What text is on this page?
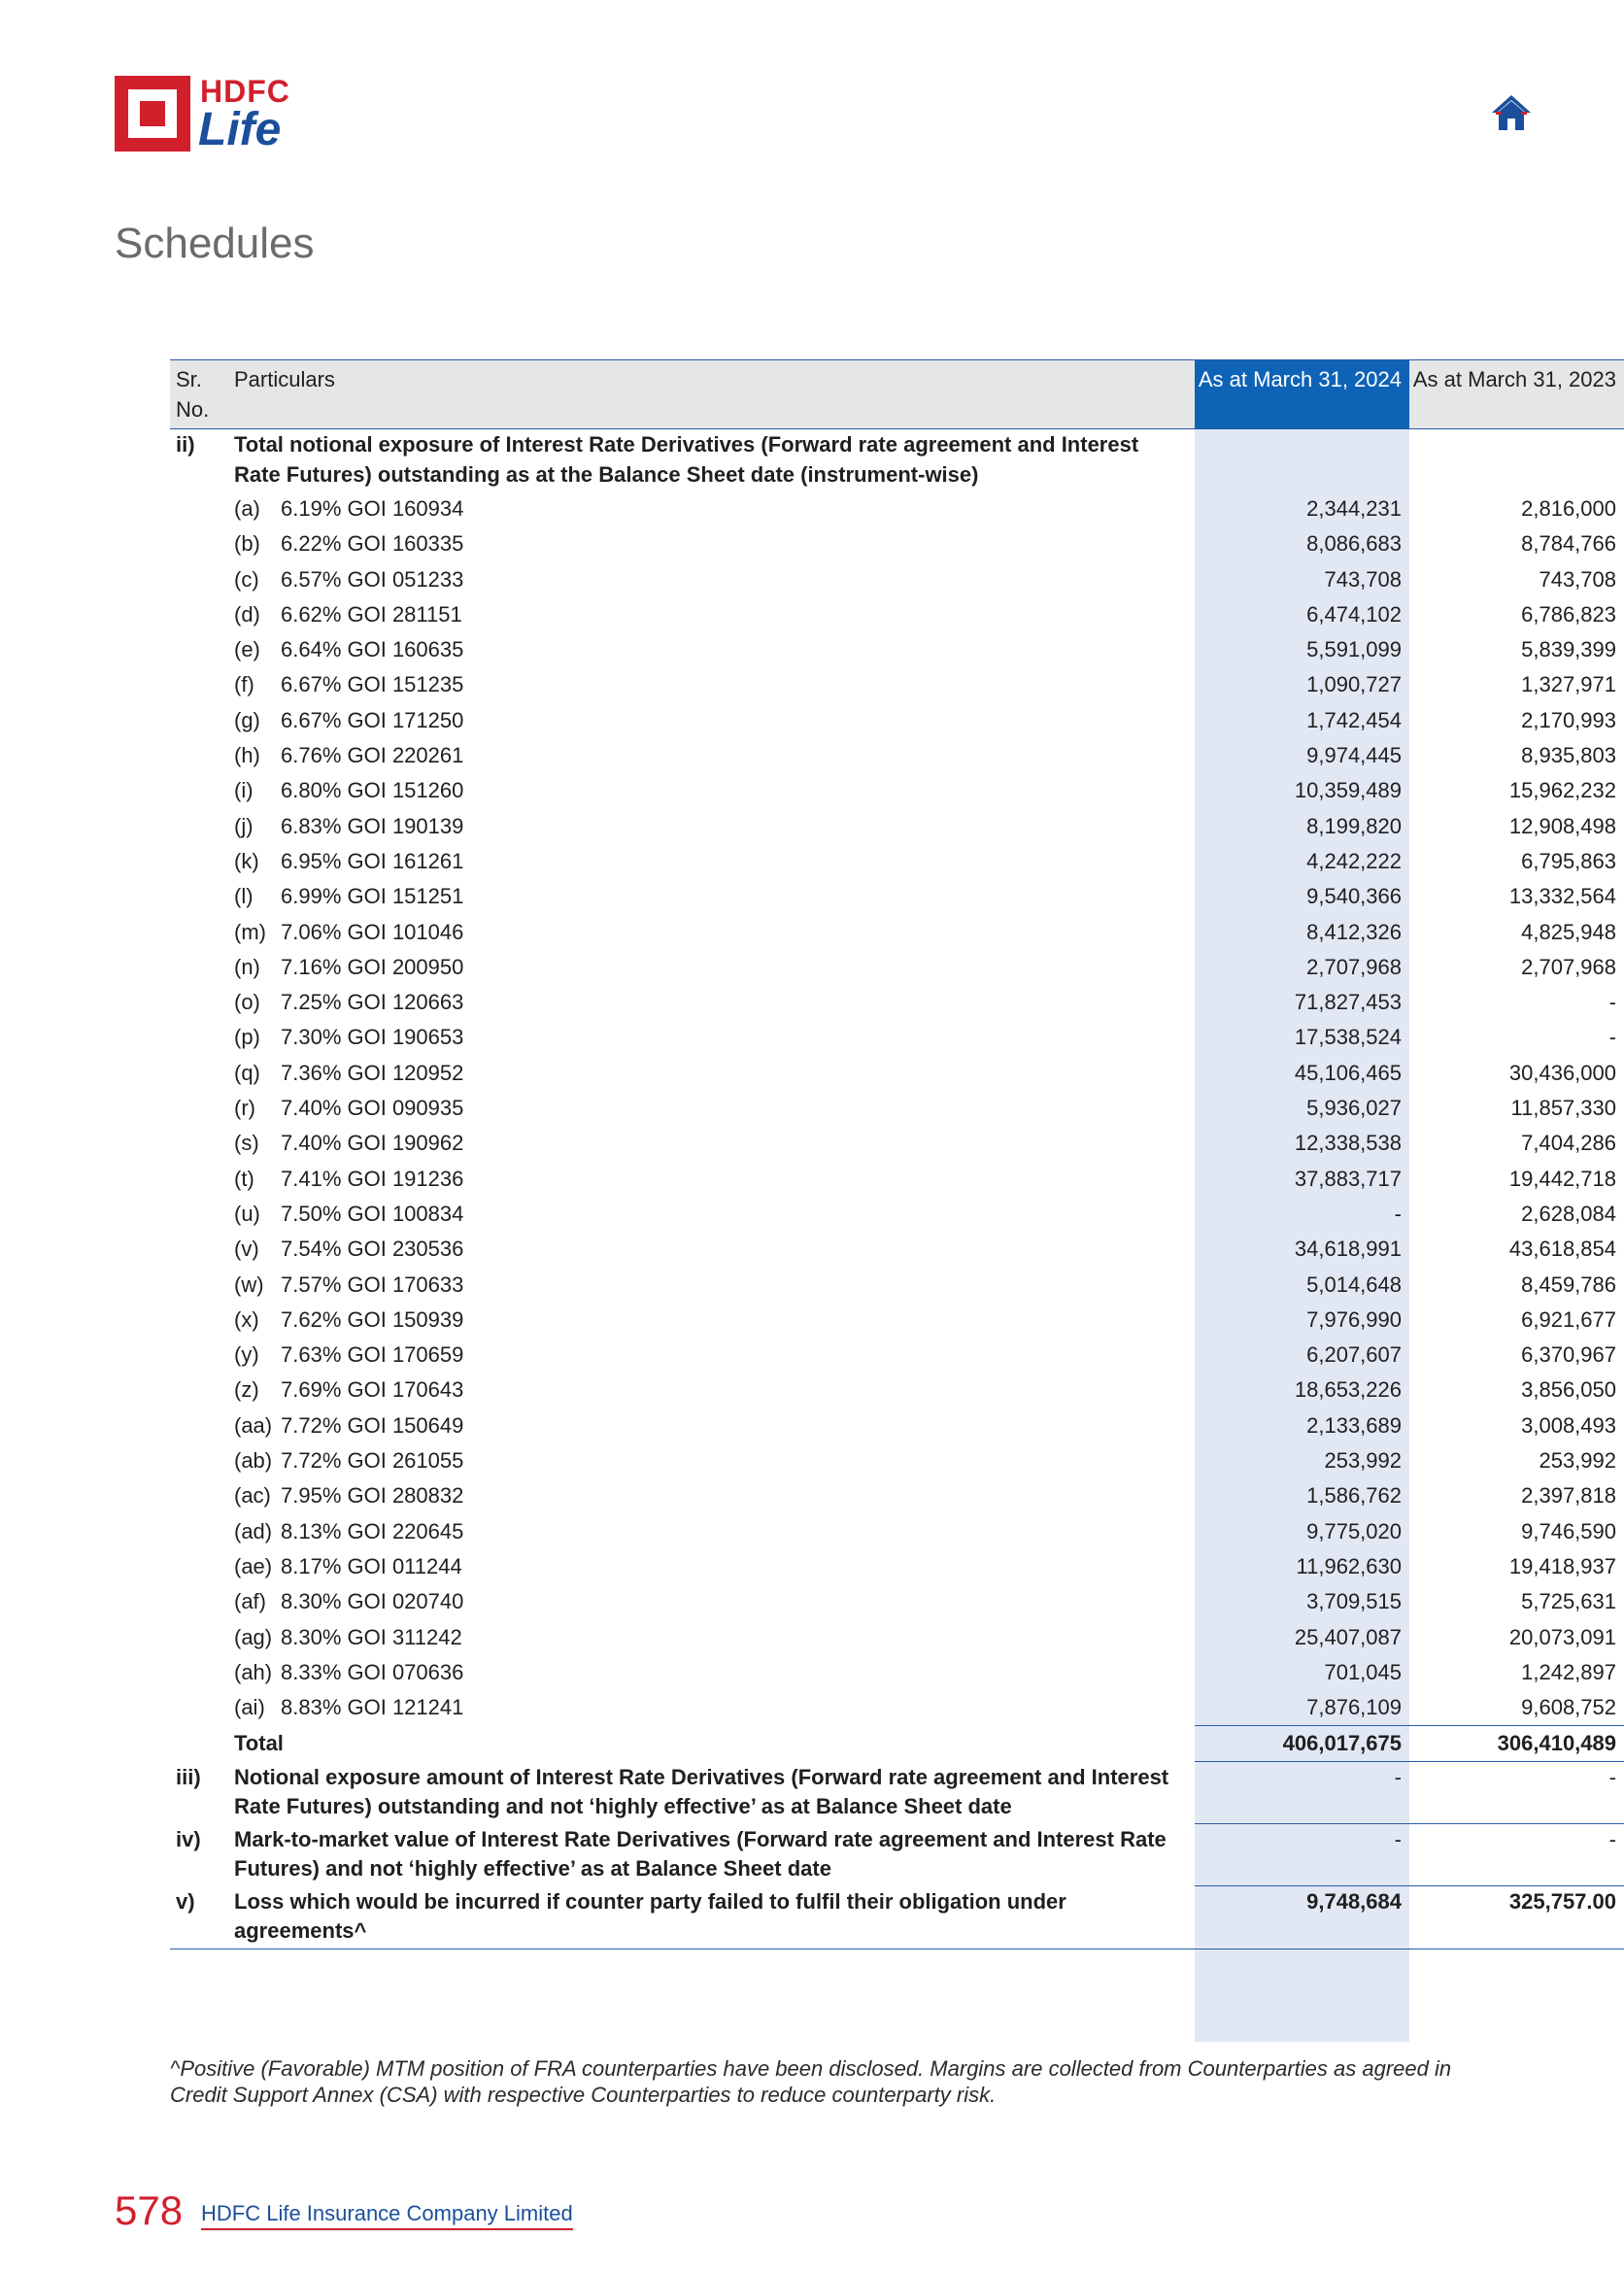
HDFC
Life
Schedules
Sr. No.	Particulars	As at March 31, 2024	As at March 31, 2023
ii)	Total notional exposure of Interest Rate Derivatives (Forward rate agreement and Interest Rate Futures) outstanding as at the Balance Sheet date (instrument-wise)		
	(a) 6.19% GOI 160934	2,344,231	2,816,000
	(b) 6.22% GOI 160335	8,086,683	8,784,766
	(c) 6.57% GOI 051233	743,708	743,708
	(d) 6.62% GOI 281151	6,474,102	6,786,823
	(e) 6.64% GOI 160635	5,591,099	5,839,399
	(f) 6.67% GOI 151235	1,090,727	1,327,971
	(g) 6.67% GOI 171250	1,742,454	2,170,993
	(h) 6.76% GOI 220261	9,974,445	8,935,803
	(i) 6.80% GOI 151260	10,359,489	15,962,232
	(j) 6.83% GOI 190139	8,199,820	12,908,498
	(k) 6.95% GOI 161261	4,242,222	6,795,863
	(l) 6.99% GOI 151251	9,540,366	13,332,564
	(m) 7.06% GOI 101046	8,412,326	4,825,948
	(n) 7.16% GOI 200950	2,707,968	2,707,968
	(o) 7.25% GOI 120663	71,827,453	-
	(p) 7.30% GOI 190653	17,538,524	-
	(q) 7.36% GOI 120952	45,106,465	30,436,000
	(r) 7.40% GOI 090935	5,936,027	11,857,330
	(s) 7.40% GOI 190962	12,338,538	7,404,286
	(t) 7.41% GOI 191236	37,883,717	19,442,718
	(u) 7.50% GOI 100834	-	2,628,084
	(v) 7.54% GOI 230536	34,618,991	43,618,854
	(w) 7.57% GOI 170633	5,014,648	8,459,786
	(x) 7.62% GOI 150939	7,976,990	6,921,677
	(y) 7.63% GOI 170659	6,207,607	6,370,967
	(z) 7.69% GOI 170643	18,653,226	3,856,050
	(aa) 7.72% GOI 150649	2,133,689	3,008,493
	(ab) 7.72% GOI 261055	253,992	253,992
	(ac) 7.95% GOI 280832	1,586,762	2,397,818
	(ad) 8.13% GOI 220645	9,775,020	9,746,590
	(ae) 8.17% GOI 011244	11,962,630	19,418,937
	(af) 8.30% GOI 020740	3,709,515	5,725,631
	(ag) 8.30% GOI 311242	25,407,087	20,073,091
	(ah) 8.33% GOI 070636	701,045	1,242,897
	(ai) 8.83% GOI 121241	7,876,109	9,608,752
	Total	406,017,675	306,410,489
iii)	Notional exposure amount of Interest Rate Derivatives (Forward rate agreement and Interest Rate Futures) outstanding and not ‘highly effective’ as at Balance Sheet date	-	-
iv)	Mark-to-market value of Interest Rate Derivatives (Forward rate agreement and Interest Rate Futures) and not ‘highly effective’ as at Balance Sheet date	-	-
v)	Loss which would be incurred if counter party failed to fulfil their obligation under agreements^	9,748,684	325,757.00
^Positive (Favorable) MTM position of FRA counterparties have been disclosed. Margins are collected from Counterparties as agreed in Credit Support Annex (CSA) with respective Counterparties to reduce counterparty risk.
578 HDFC Life Insurance Company Limited
